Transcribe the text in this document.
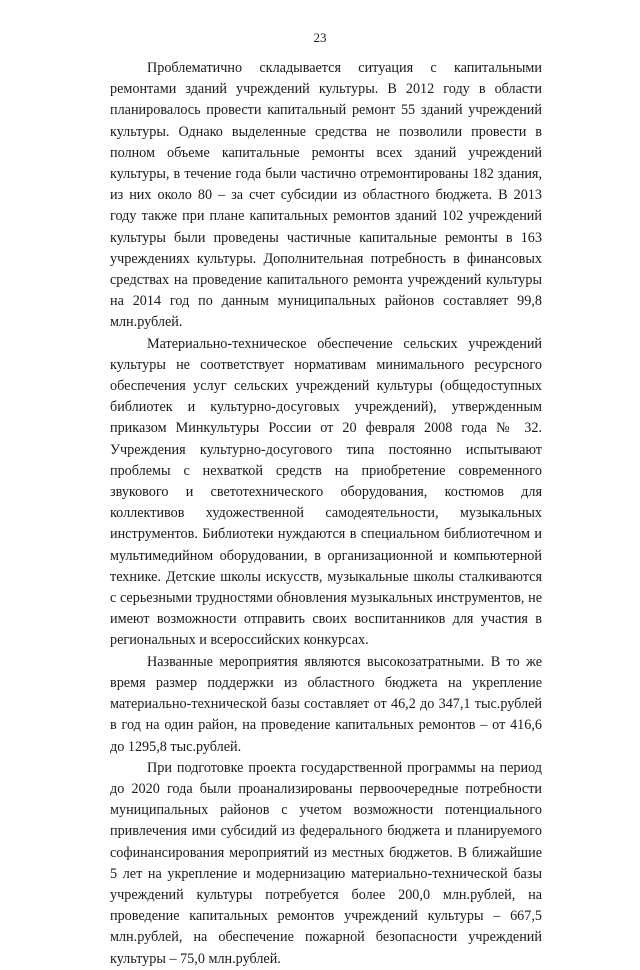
23

Проблематично складывается ситуация с капитальными ремонтами зданий учреждений культуры. В 2012 году в области планировалось провести капитальный ремонт 55 зданий учреждений культуры. Однако выделенные средства не позволили провести в полном объеме капитальные ремонты всех зданий учреждений культуры, в течение года были частично отремонтированы 182 здания, из них около 80 – за счет субсидии из областного бюджета. В 2013 году также при плане капитальных ремонтов зданий 102 учреждений культуры были проведены частичные капитальные ремонты в 163 учреждениях культуры. Дополнительная потребность в финансовых средствах на проведение капитального ремонта учреждений культуры на 2014 год по данным муниципальных районов составляет 99,8 млн.рублей.

Материально-техническое обеспечение сельских учреждений культуры не соответствует нормативам минимального ресурсного обеспечения услуг сельских учреждений культуры (общедоступных библиотек и культурно-досуговых учреждений), утвержденным приказом Минкультуры России от 20 февраля 2008 года № 32. Учреждения культурно-досугового типа постоянно испытывают проблемы с нехваткой средств на приобретение современного звукового и светотехнического оборудования, костюмов для коллективов художественной самодеятельности, музыкальных инструментов. Библиотеки нуждаются в специальном библиотечном и мультимедийном оборудовании, в организационной и компьютерной технике. Детские школы искусств, музыкальные школы сталкиваются с серьезными трудностями обновления музыкальных инструментов, не имеют возможности отправить своих воспитанников для участия в региональных и всероссийских конкурсах.

Названные мероприятия являются высокозатратными. В то же время размер поддержки из областного бюджета на укрепление материально-технической базы составляет от 46,2 до 347,1 тыс.рублей в год на один район, на проведение капитальных ремонтов – от 416,6 до 1295,8 тыс.рублей.

При подготовке проекта государственной программы на период до 2020 года были проанализированы первоочередные потребности муниципальных районов с учетом возможности потенциального привлечения ими субсидий из федерального бюджета и планируемого софинансирования мероприятий из местных бюджетов. В ближайшие 5 лет на укрепление и модернизацию материально-технической базы учреждений культуры потребуется более 200,0 млн.рублей, на проведение капитальных ремонтов учреждений культуры – 667,5 млн.рублей, на обеспечение пожарной безопасности учреждений культуры – 75,0 млн.рублей.
